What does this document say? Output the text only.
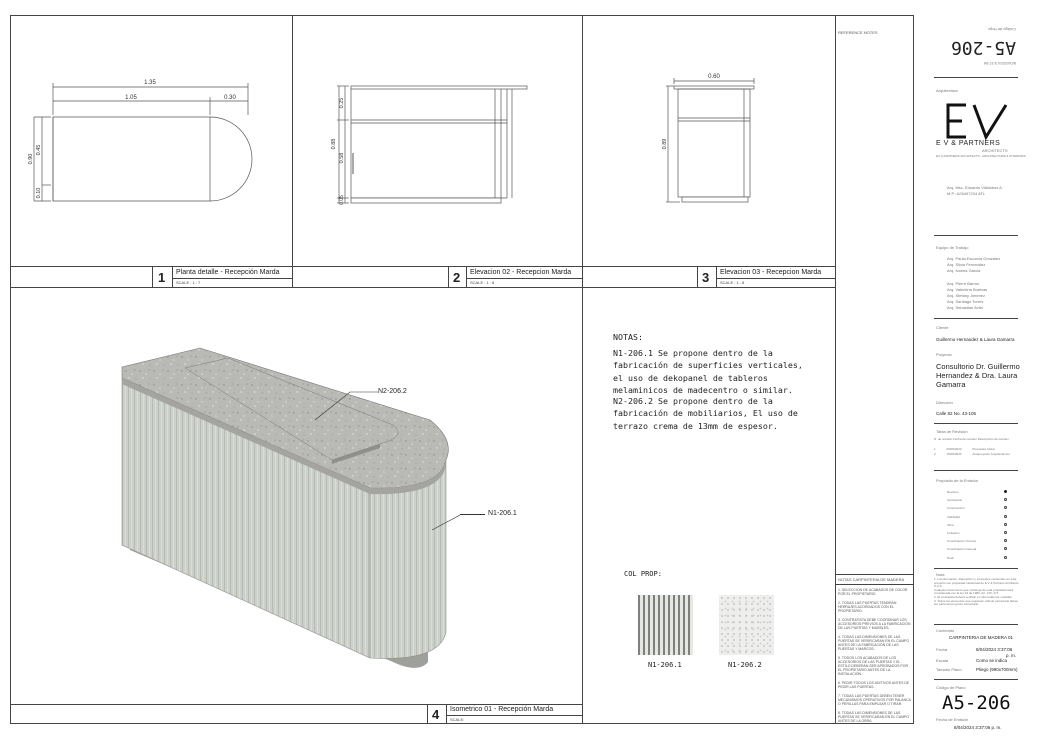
1.35
1.05	0.30
0.90
0.45
0.10
0.25
0.88
0.58
0.05
0.60
0.89
1 Planta detalle - Recepción Marda
SCALE : 1 : 7	2 Elevacion 02 - Recepcion Marda
SCALE : 1 : 8	3 Elevacion 03 - Recepcion Marda
SCALE : 1 : 8
4 Isometrico 01 - Recepción Marda
SCALE:
N2-206.2
N1-206.1
NOTAS:
N1-206.1 Se propone dentro de la fabricación de superficies verticales, el uso de dekopanel de tableros melaminicos de madecentro o similar.
N2-206.2 Se propone dentro de la fabricación de mobiliarios, El uso de terrazo crema de 13mm de espesor.
COL PROP:
N1-206.1	N1-206.2
REFERENCE NOTES
NOTAS CARPINTERIA DE MADERA
1. SELECCION DE ACABADOS DE COLOR POR EL PROPIETARIO.
2. TODAS LAS PUERTAS TENDRÁN HERRAJES ACORDADOS CON EL PROPIETARIO.
3. CONTRATISTA DEBE COORDINAR LOS ACCESORIOS PREVIOS A LA FABRICACIÓN DE LAS PUERTAS Y MUEBLES.
4. TODAS LAS DIMENSIONES DE LAS PUERTAS SE VERIFICARAN EN EL CAMPO ANTES DE LA FABRICACIÓN DE LAS PUERTAS Y MARCOS.
5. TODOS LOS ACABADOS DE LOS ACCESORIOS DE LAS PUERTAS Y EL ESTILO DEBERÁN SER APROBADOS POR EL PROPIETARIO ANTES DE LA INSTALACIÓN.
6. PEDIR TODOS LOS ADITIVOS ANTES DE PEDIR LAS PUERTAS.
7. TODAS LAS PUERTAS DEBEN TENER MECANISMOS OPERATIVOS POR PALANCA O PERILLAS PARA EMPUJAR O TIRAR.
8. TODAS LAS DIMENSIONES DE LAS PUERTAS SE VERIFICARAN EN EL CAMPO ANTES DE LA OBRA.
8/04/2024 3:37:06
A5-206
Codigo de Hoja
Arquitectura
E V & PARTNERS
ARCHITECTS
EV & PARTNERS ARCHITECTS · ARCHITECTURE & INTERIORS
Arq. Msc. Eduardo Villalobos A.
M.P.: A26497204 ATL
Equipo de Trabajo
Arq. Paula Escorcia Gonzalez
Arq. Silvia Fernandez
Arq. Ivanna Garcia
Arq. Pierre Barros
Arq. Valentina Buelvas
Arq. Stefany Jimenez
Arq. Santiago Torres
Arq. Sebastian Avila
Cliente
Guillermo Hernandez & Laura Gamarra
Proyecto
Consultorio Dr. Guillermo Hernandez & Dra. Laura Gamarra
Dirección
Calle 82 No. 43-105
Tabla de Revisión
N. de revisión Fecha de revisión Descripción de revisión
1	03/05/2023	Propuesta Inicial
2	15/06/2023	Anteproyecto Arquitectónico
Propósito de la Emisión
Revisión
Aprobación
Construcción
Viabilidad
Obra
Licitación
Coordinación Técnica
Coordinación General
Draft
Nota
1. La información, disposición y conceptos contenidos en este proyecto son propiedad intelectual de E V & Partners Architects S.A.S.
Cualquier documento que contenga de esta propiedad será considerada con la ley 23 de 1982, Art. 270, 271
2. El contratista deberá verificar en sitio todas las medidas.
3. Todos los elementos que requieran cálculo estructural deben ser parte del proyecto estructural.
Contenido
CARPINTERIA DE MADERA 01
Fecha	8/04/2024 3:37:06
p. m.
Escala	Como se indica
Tamaño Plano	Pliego (990x700mm)
Código de Plano
A5-206
Fecha de Emisión
8/04/2024 3:37:06 p. m.
